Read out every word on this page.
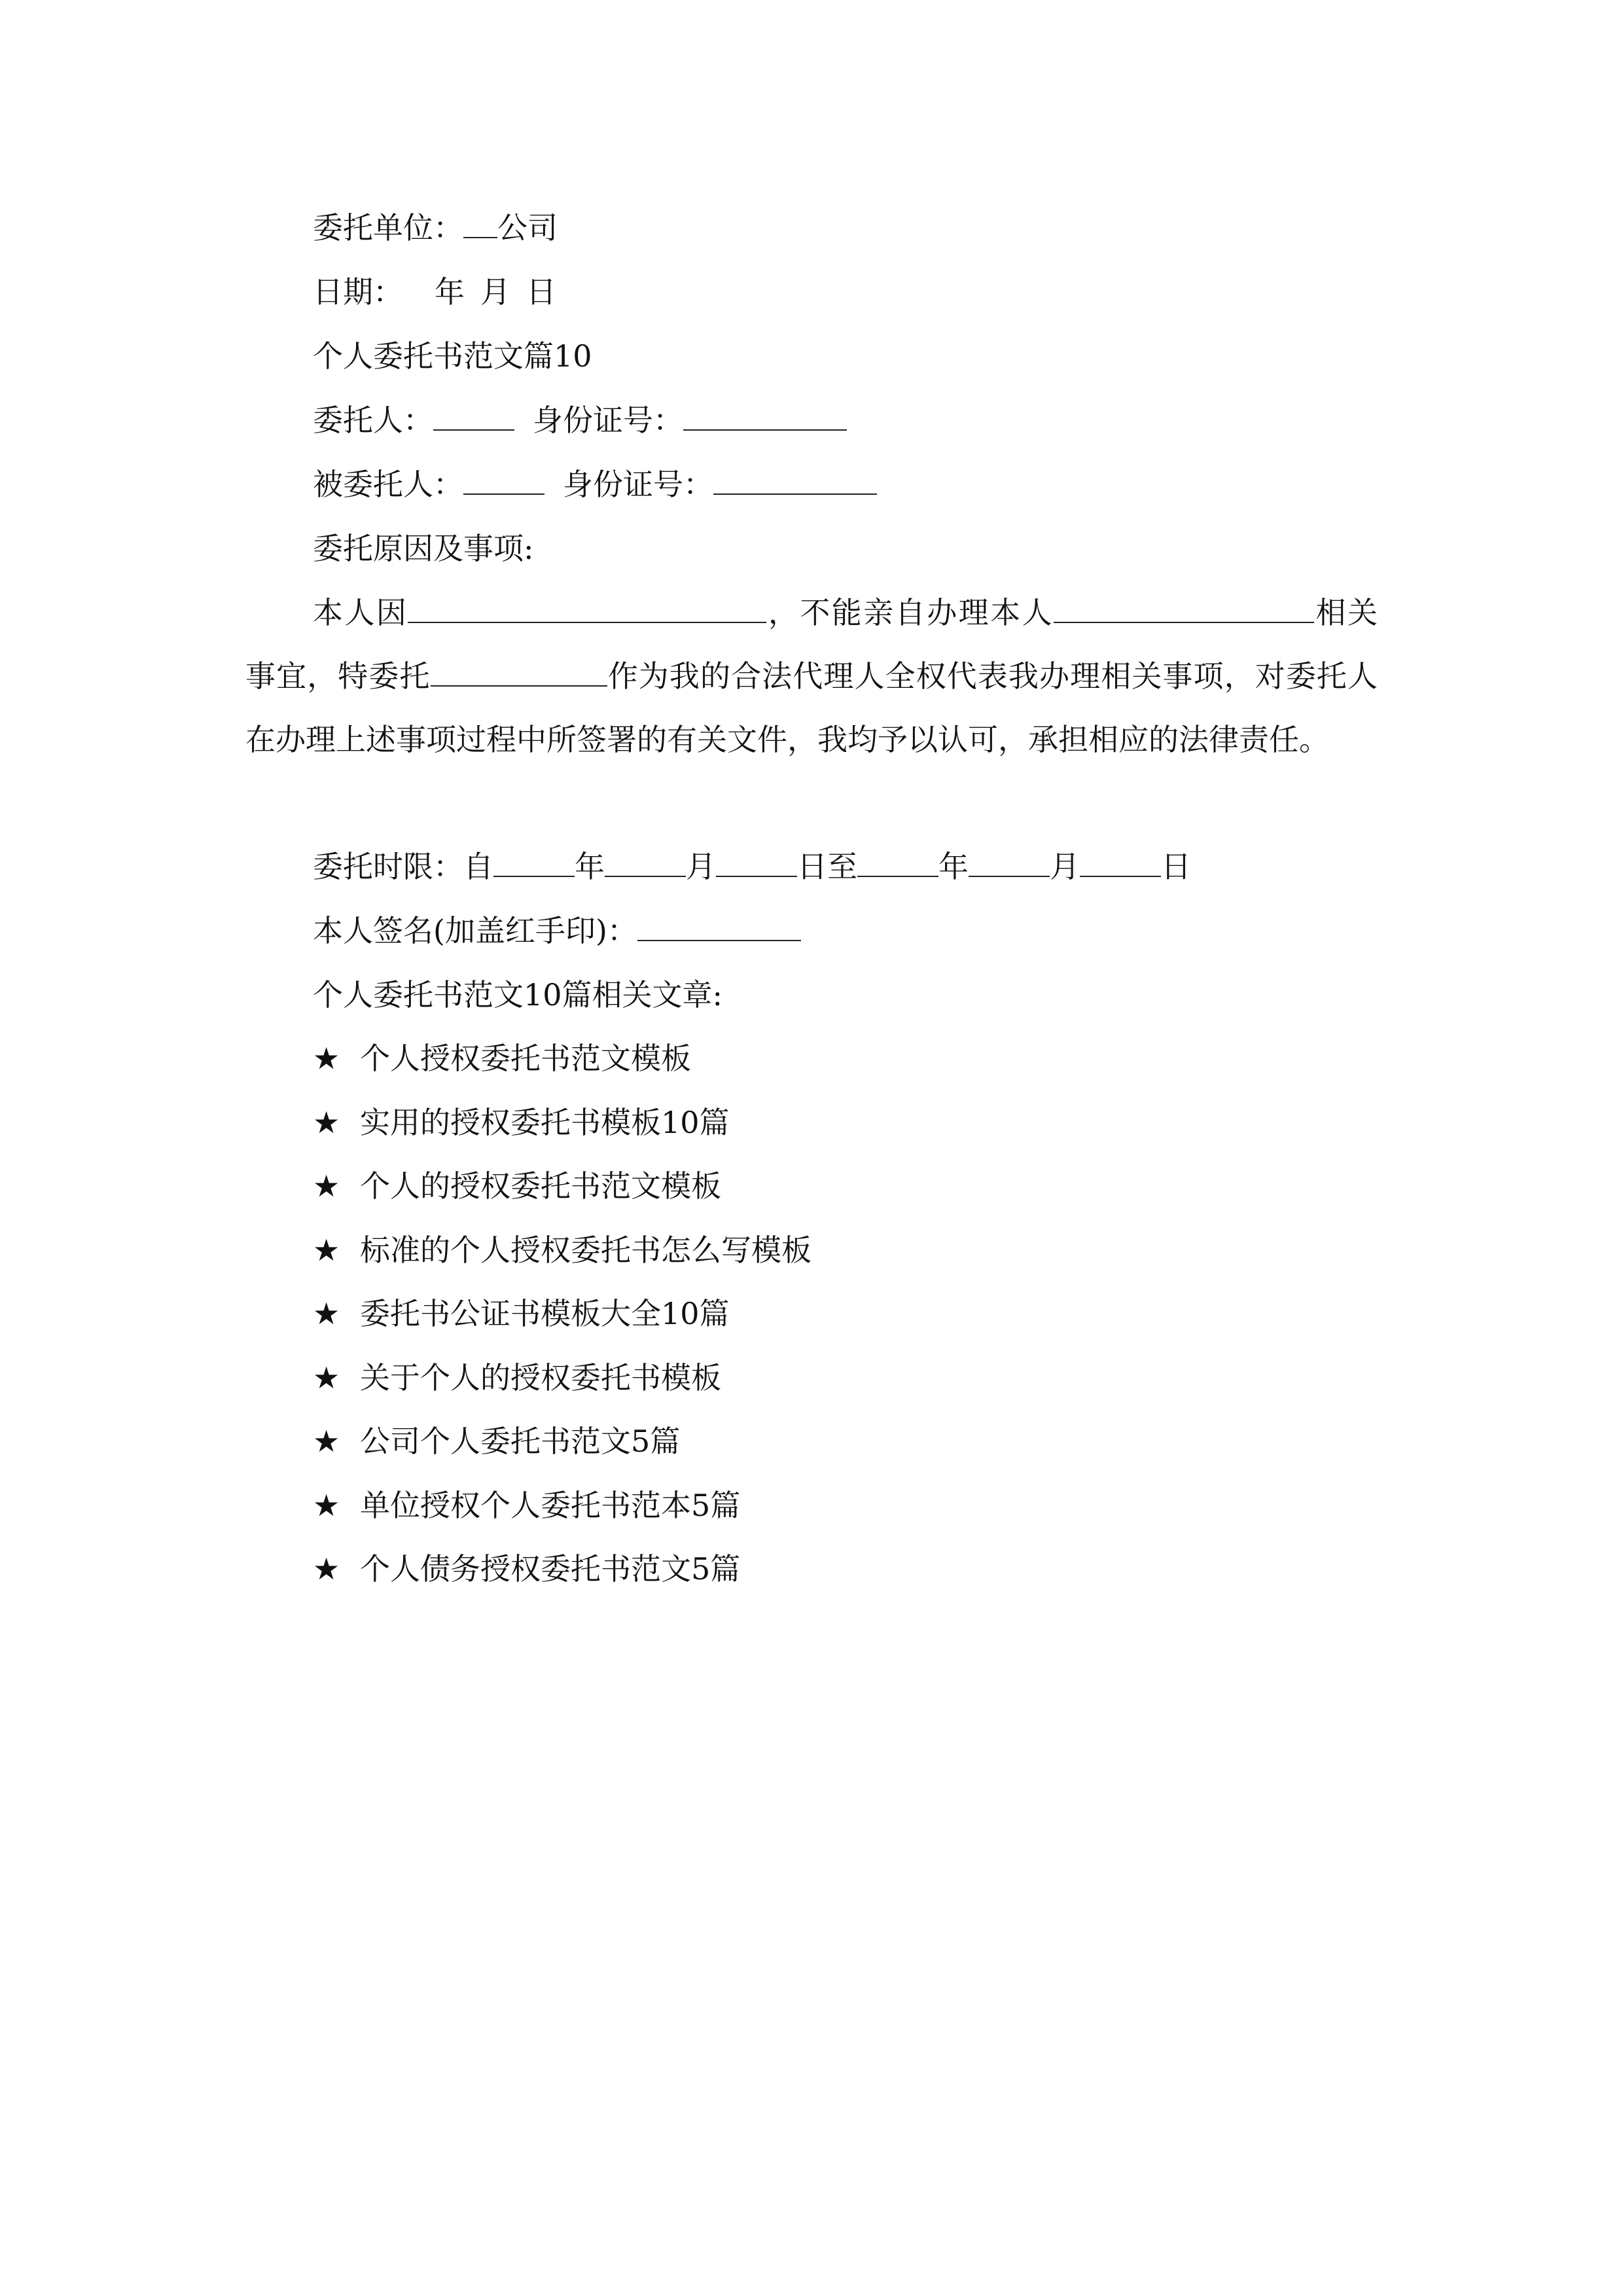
委托单位： 公司
日期： 年 月 日
个人委托书范文篇10
委托人：	身份证号：
被委托人：	身份证号：
委托原因及事项:
本人因	，不能亲自办理本人	相关事宜，特委托	作为我的合法代理人全权代表我办理相关事项，对委托人在办理上述事项过程中所签署的有关文件，我均予以认可，承担相应的法律责任。
委托时限：自	年	月	日至	年	月	日
本人签名(加盖红手印)：
个人委托书范文10篇相关文章:
★ 个人授权委托书范文模板
★ 实用的授权委托书模板10篇
★ 个人的授权委托书范文模板
★ 标准的个人授权委托书怎么写模板
★ 委托书公证书模板大全10篇
★ 关于个人的授权委托书模板
★ 公司个人委托书范文5篇
★ 单位授权个人委托书范本5篇
★ 个人债务授权委托书范文5篇
